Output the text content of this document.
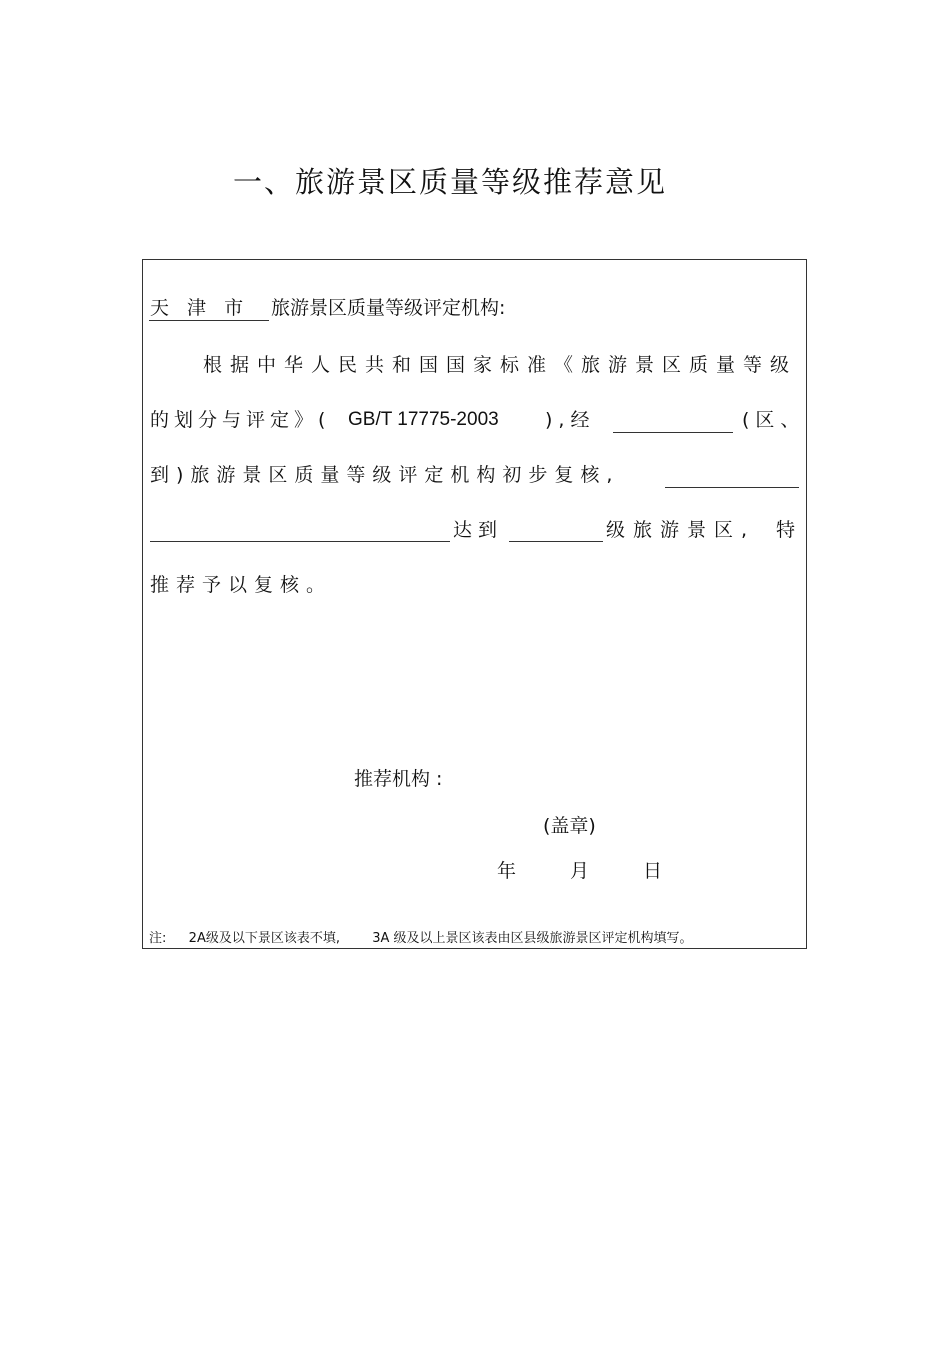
一、旅游景区质量等级推荐意见
天 津 市 旅游景区质量等级评定机构:
根据中华人民共和国国家标准《旅游景区质量等级
的划分与评定》( GB/T 17775-2003 ),经	(区、
到)旅游景区质量等级评定机构初步复核,
达到	级旅游景区, 特
推荐予以复核。
推荐机构 :
(盖章)
年	月	日
注: 2A级及以下景区该表不填, 3A 级及以上景区该表由区县级旅游景区评定机构填写。
